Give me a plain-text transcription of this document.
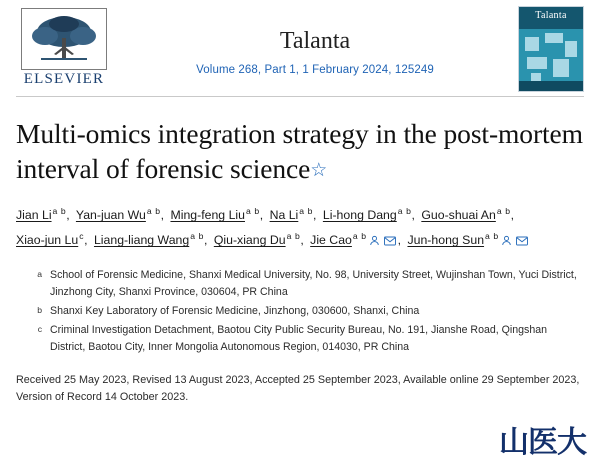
ELSEVIER
Talanta
Volume 268, Part 1, 1 February 2024, 125249
Talanta

Multi-omics integration strategy in the post-mortem interval of forensic science☆
Jian $Li^{a b}$, Yan-juan $Wu^{a b}$, Ming-feng Liu$^{a b}$, Na $Li^{a b}$, Li-hong Dang$^{a b}$, Guo-shuai $An^{a b}$,
Xiao-jun Lu$^c$, Liang-liang Wang$^{a b}$, Qiu-xiang $Du^{a b}$, Jie Cao$^{a b}$	, Jun-hong Sun$^{a b}$
a School of Forensic Medicine, Shanxi Medical University, No. 98, University Street, Wujinshan Town, Yuci District, Jinzhong City, Shanxi Province, 030604, PR China
b Shanxi Key Laboratory of Forensic Medicine, Jinzhong, 030600, Shanxi, China
c Criminal Investigation Detachment, Baotou City Public Security Bureau, No. 191, Jianshe Road, Qingshan District, Baotou City, Inner Mongolia Autonomous Region, 014030, PR China
Received 25 May 2023, Revised 13 August 2023, Accepted 25 September 2023, Available online 29 September 2023, Version of Record 14 October 2023.
山医大
